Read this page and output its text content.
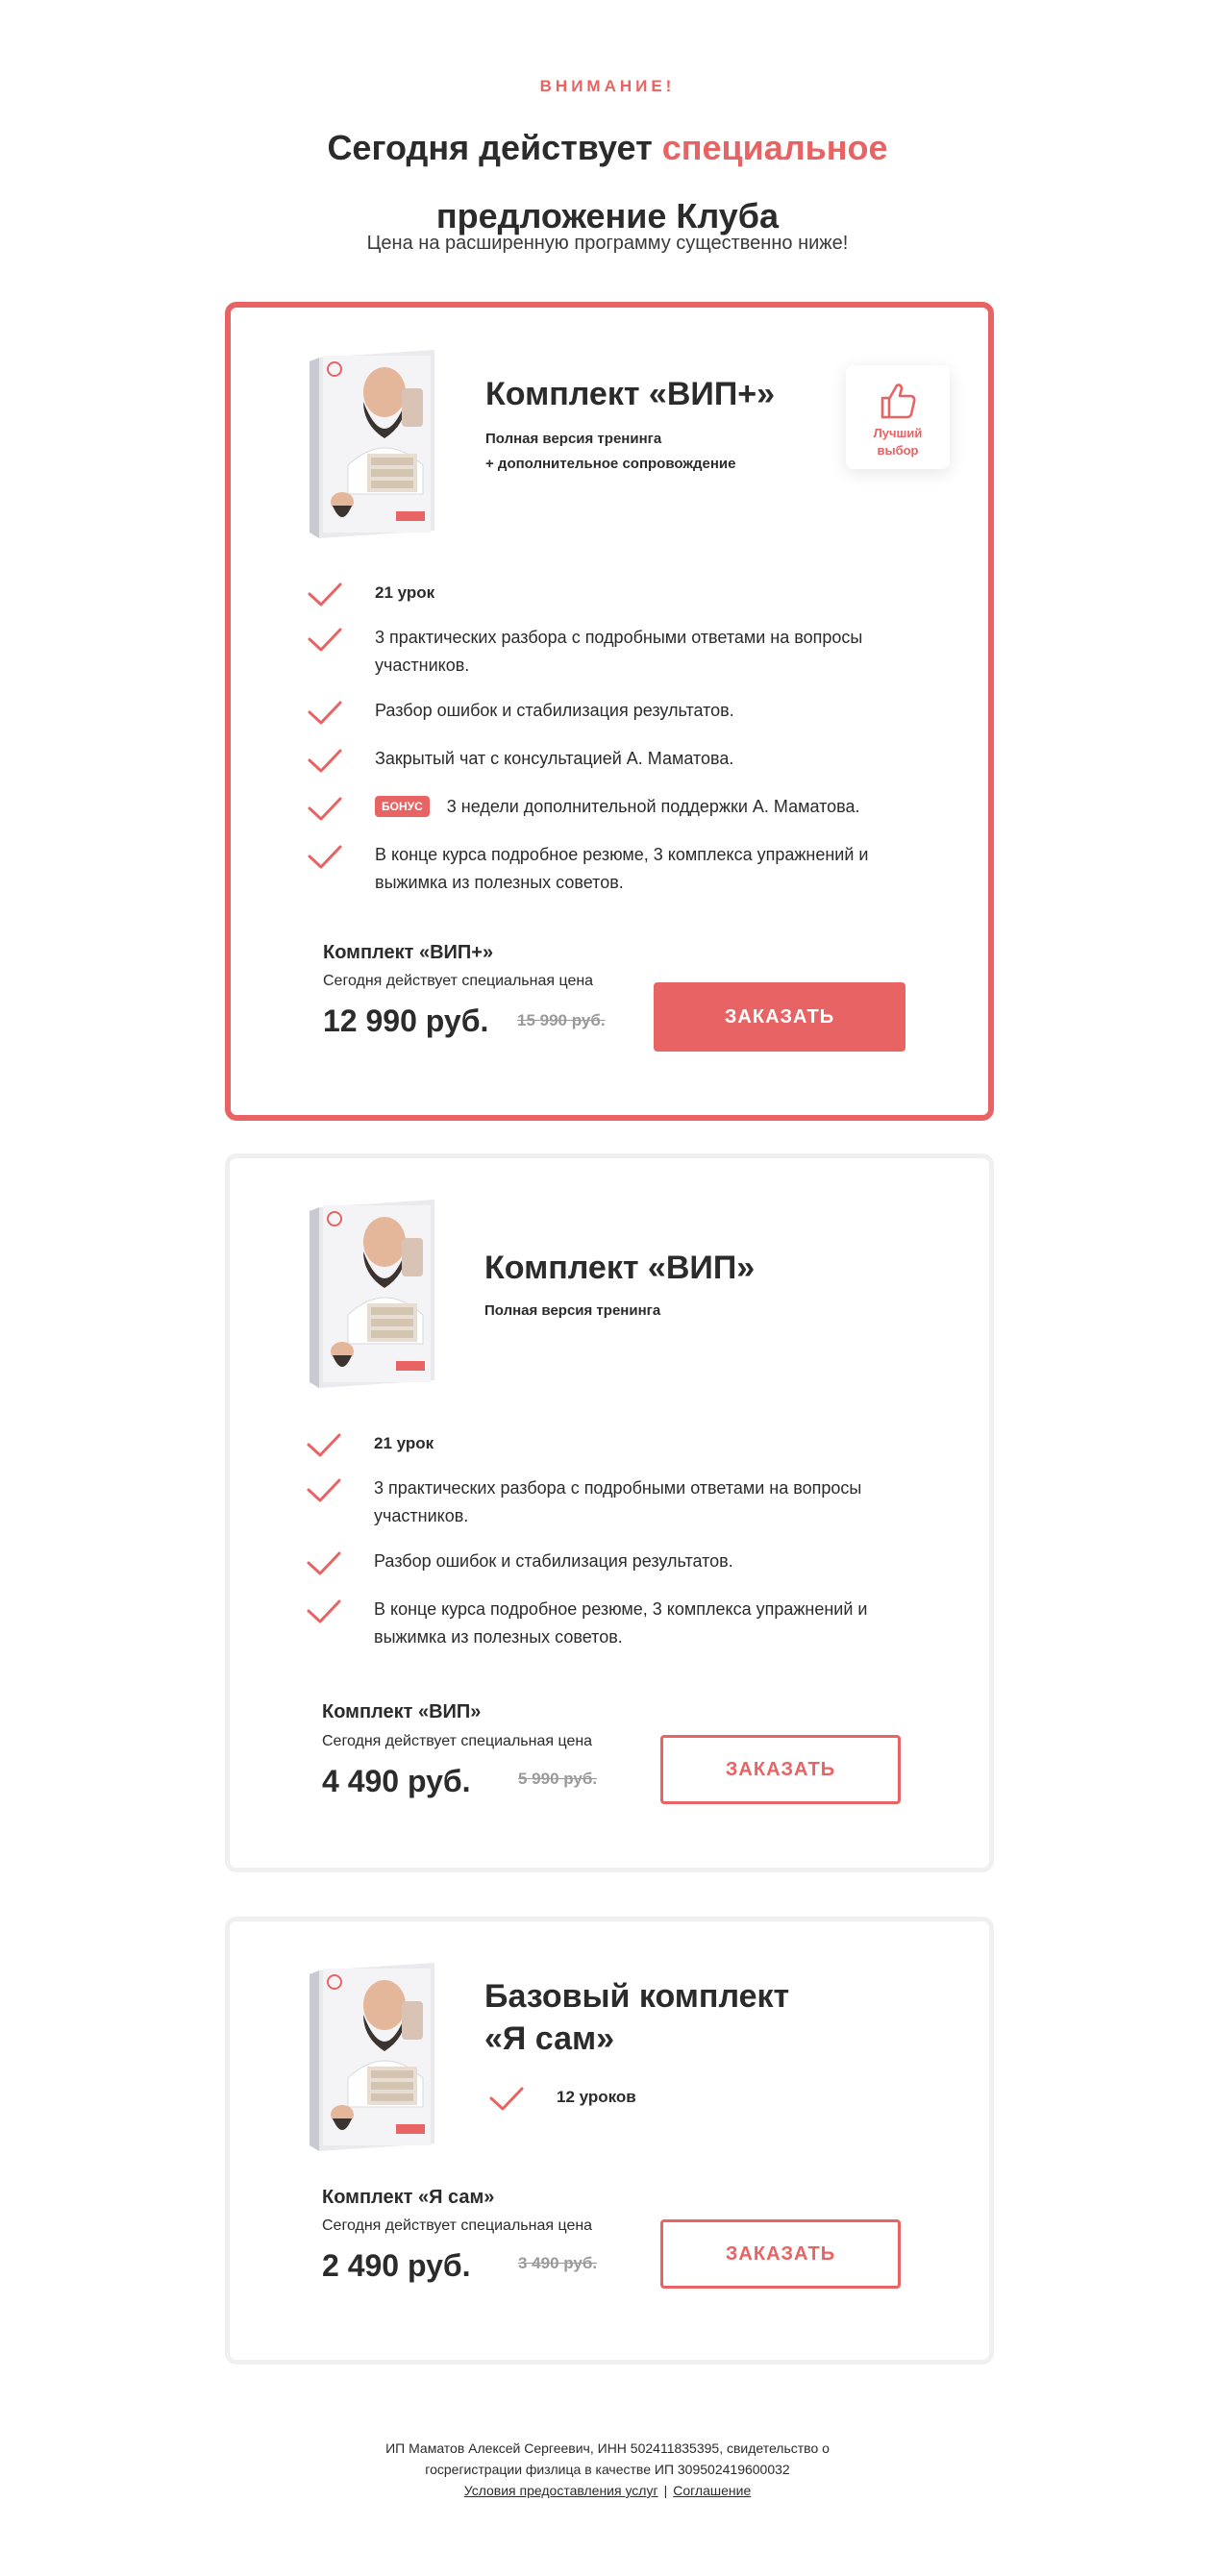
ВНИМАНИЕ!
Сегодня действует специальное
предложение Клуба
Цена на расширенную программу существенно ниже!
Комплект «ВИП+»
Полная версия тренинга
+ дополнительное сопровождение
Лучший
выбор
21 урок
3 практических разбора с подробными ответами на вопросы участников.
Разбор ошибок и стабилизация результатов.
Закрытый чат с консультацией А. Маматова.
БОНУС 3 недели дополнительной поддержки А. Маматова.
В конце курса подробное резюме, 3 комплекса упражнений и выжимка из полезных советов.
Комплект «ВИП+»
Сегодня действует специальная цена
12 990 руб. 15 990 руб.	ЗАКАЗАТЬ
Комплект «ВИП»
Полная версия тренинга
21 урок
3 практических разбора с подробными ответами на вопросы участников.
Разбор ошибок и стабилизация результатов.
В конце курса подробное резюме, 3 комплекса упражнений и выжимка из полезных советов.
Комплект «ВИП»
Сегодня действует специальная цена
4 490 руб.	5 990 руб.	ЗАКАЗАТЬ
Базовый комплект
«Я сам»
12 уроков
Комплект «Я сам»
Сегодня действует специальная цена
2 490 руб.	3 490 руб.	ЗАКАЗАТЬ
ИП Маматов Алексей Сергеевич, ИНН 502411835395, свидетельство о
госрегистрации физлица в качестве ИП 309502419600032
Условия предоставления услуг | Соглашение
